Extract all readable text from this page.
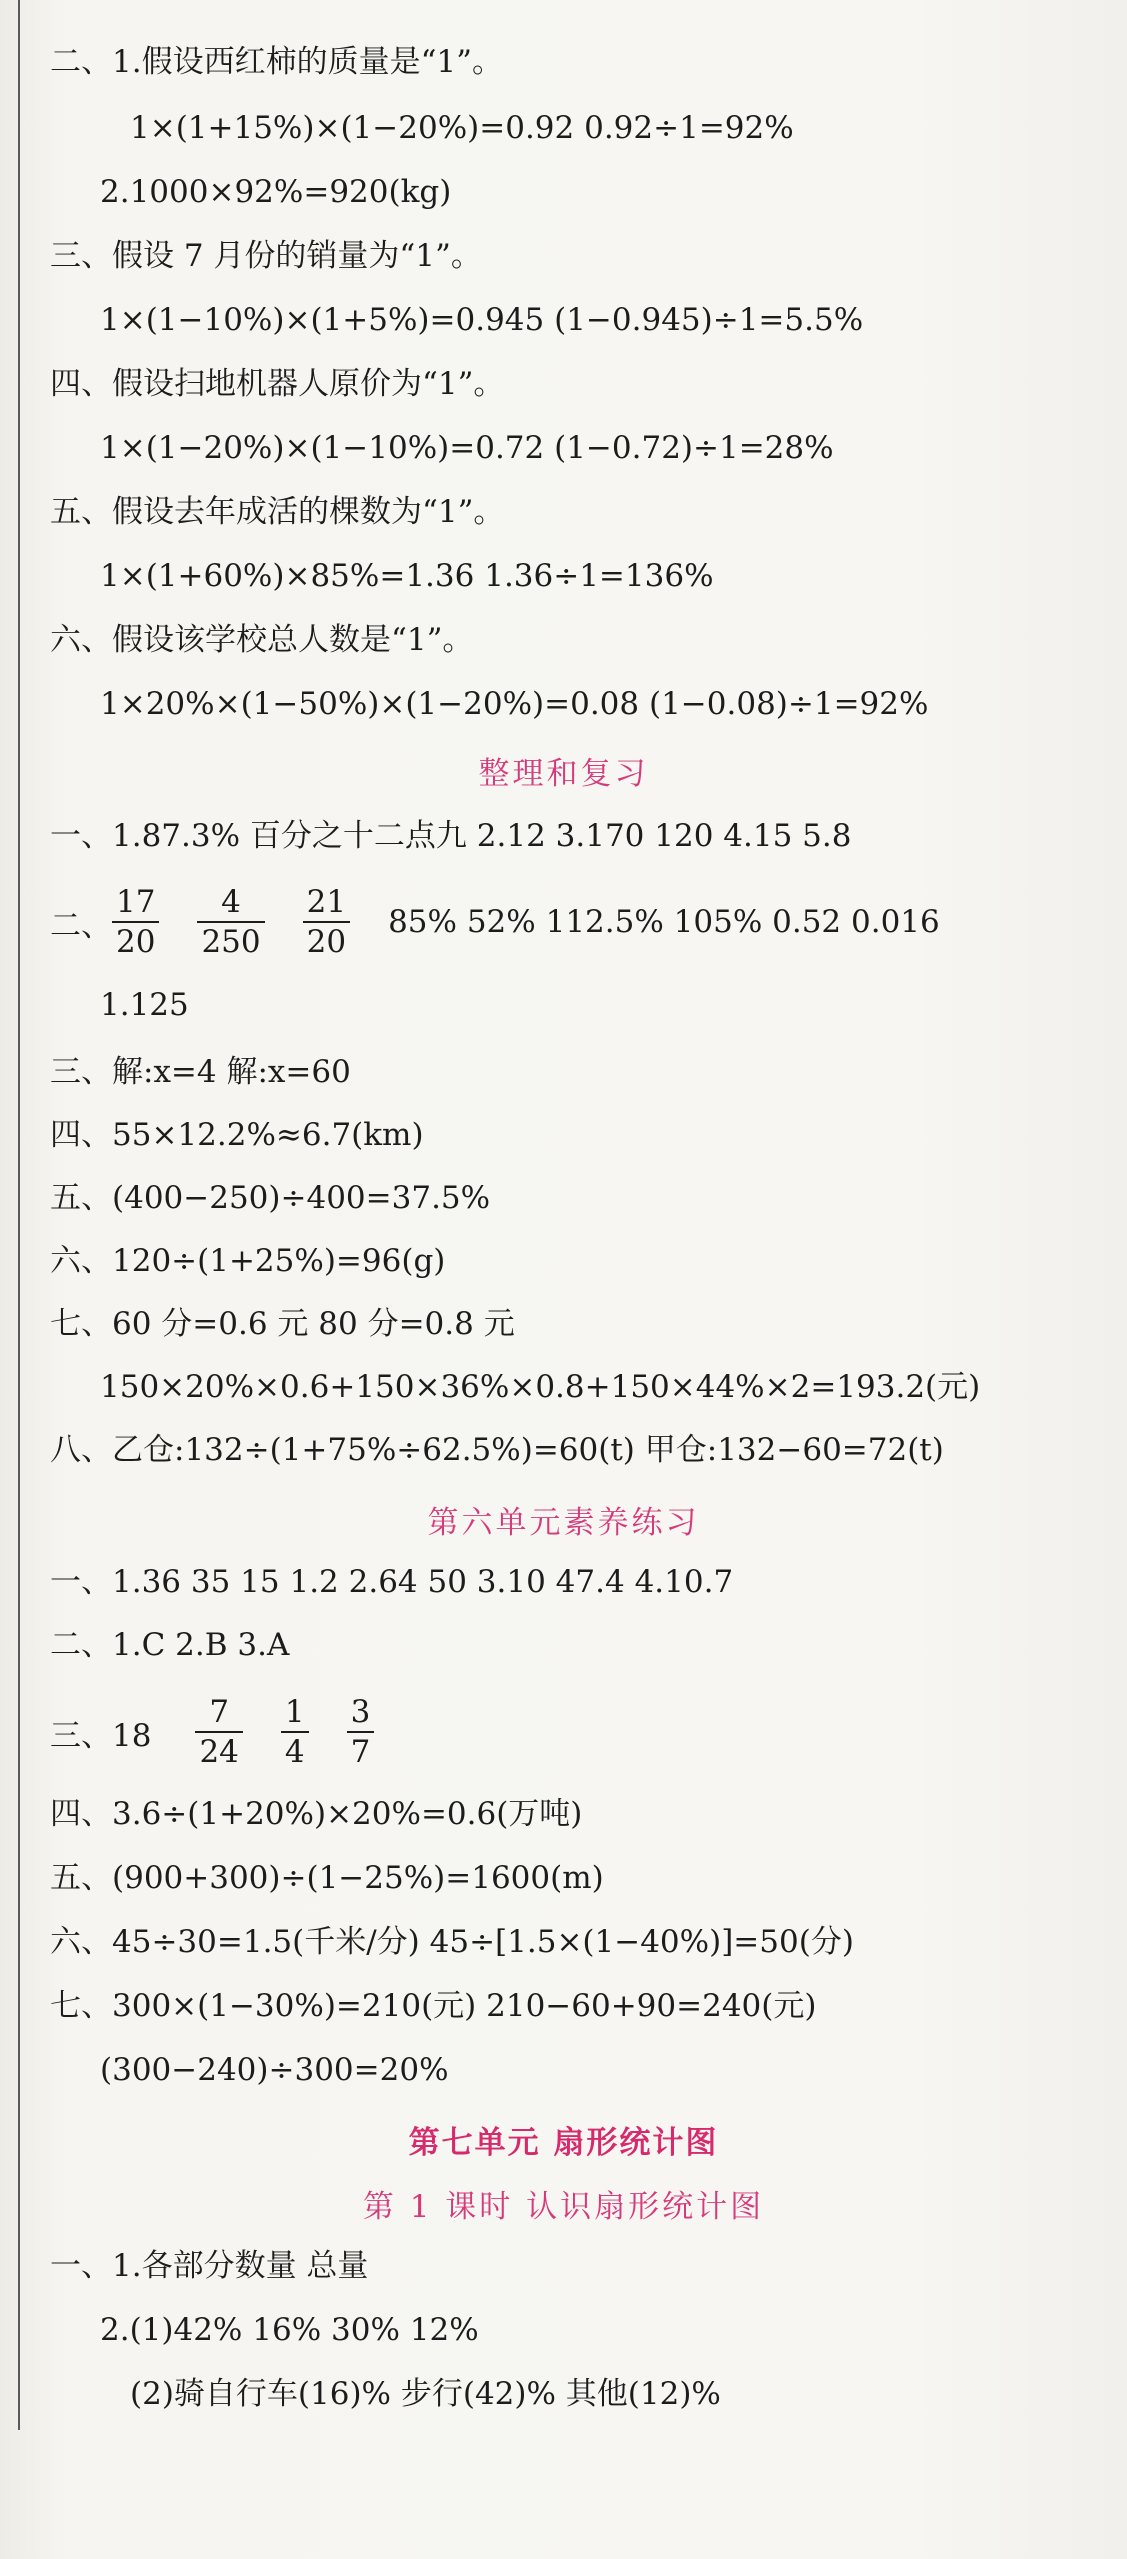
二、1.假设西红柿的质量是“1”。
1×(1+15%)×(1−20%)=0.92 0.92÷1=92%
2.1000×92%=920(kg)
三、假设 7 月份的销量为“1”。
1×(1−10%)×(1+5%)=0.945 (1−0.945)÷1=5.5%
四、假设扫地机器人原价为“1”。
1×(1−20%)×(1−10%)=0.72 (1−0.72)÷1=28%
五、假设去年成活的棵数为“1”。
1×(1+60%)×85%=1.36 1.36÷1=136%
六、假设该学校总人数是“1”。
1×20%×(1−50%)×(1−20%)=0.08 (1−0.08)÷1=92%
整理和复习
一、1.87.3% 百分之十二点九 2.12 3.170 120 4.15 5.8
二、 $\frac{17}{20} \frac{4}{250} \frac{21}{20} 85\%$ 52% 112.5% 105% 0.52 0.016
1.125
三、解:x=4 解:x=60
四、55×12.2%≈6.7(km)
五、(400−250)÷400=37.5%
六、120÷(1+25%)=96(g)
七、60 分=0.6 元 80 分=0.8 元
150×20%×0.6+150×36%×0.8+150×44%×2=193.2(元)
八、乙仓:132÷(1+75%÷62.5%)=60(t) 甲仓:132−60=72(t)
第六单元素养练习
一、1.36 35 15 1.2 2.64 50 3.10 47.4 4.10.7
二、1.C 2.B 3.A
三、$18 \frac{7}{24} \frac{1}{4} \frac{3}{7}$
四、3.6÷(1+20%)×20%=0.6(万吨)
五、(900+300)÷(1−25%)=1600(m)
六、45÷30=1.5(千米/分) 45÷[1.5×(1−40%)]=50(分)
七、300×(1−30%)=210(元) 210−60+90=240(元)
(300−240)÷300=20%
第七单元 扇形统计图
第 1 课时 认识扇形统计图
一、1.各部分数量 总量
2.(1)42% 16% 30% 12%
(2)骑自行车(16)% 步行(42)% 其他(12)%
